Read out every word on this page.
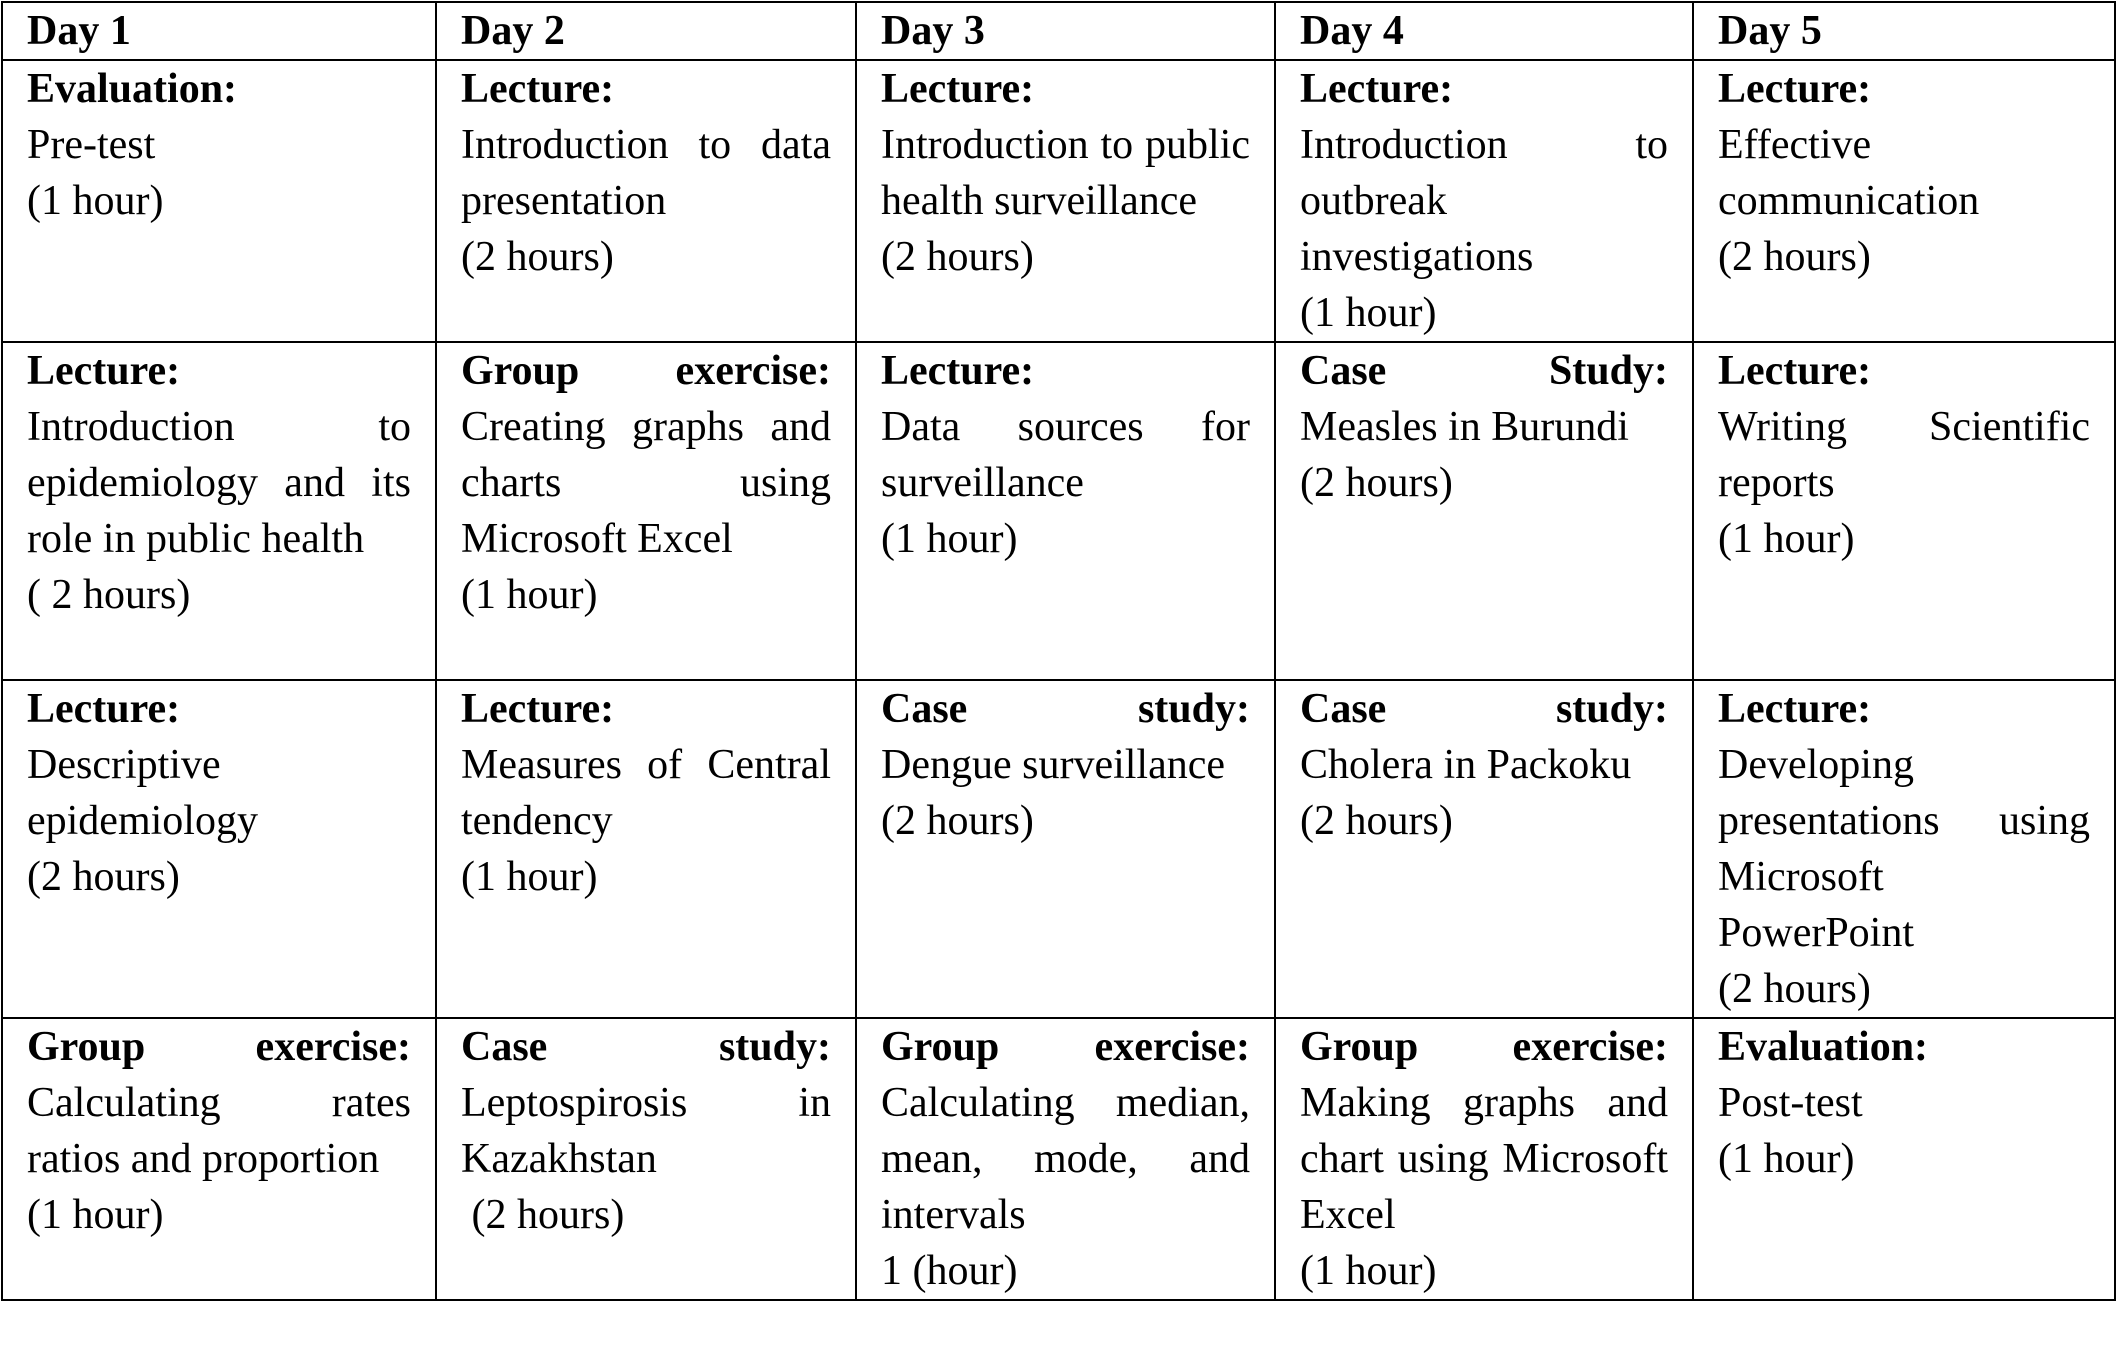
Day 1	Day 2	Day 3	Day 4	Day 5

Evaluation:
Pre-test
(1 hour)	Lecture:
Introduction to data presentation
(2 hours)	Lecture:
Introduction to public health surveillance
(2 hours)	Lecture:
Introduction to outbreak investigations
(1 hour)	Lecture:
Effective communication
(2 hours)

Lecture:
Introduction to epidemiology and its role in public health
( 2 hours)	Group exercise:
Creating graphs and charts using Microsoft Excel
(1 hour)	Lecture:
Data sources for surveillance
(1 hour)	Case Study:
Measles in Burundi
(2 hours)	Lecture:
Writing Scientific reports
(1 hour)

Lecture:
Descriptive epidemiology
(2 hours)	Lecture:
Measures of Central tendency
(1 hour)	Case study:
Dengue surveillance
(2 hours)	Case study:
Cholera in Packoku
(2 hours)	Lecture:
Developing presentations using Microsoft PowerPoint
(2 hours)

Group exercise:
Calculating rates ratios and proportion
(1 hour)	Case study:
Leptospirosis in Kazakhstan
(2 hours)	Group exercise:
Calculating median, mean, mode, and intervals
1 (hour)	Group exercise:
Making graphs and chart using Microsoft Excel
(1 hour)	Evaluation:
Post-test
(1 hour)
